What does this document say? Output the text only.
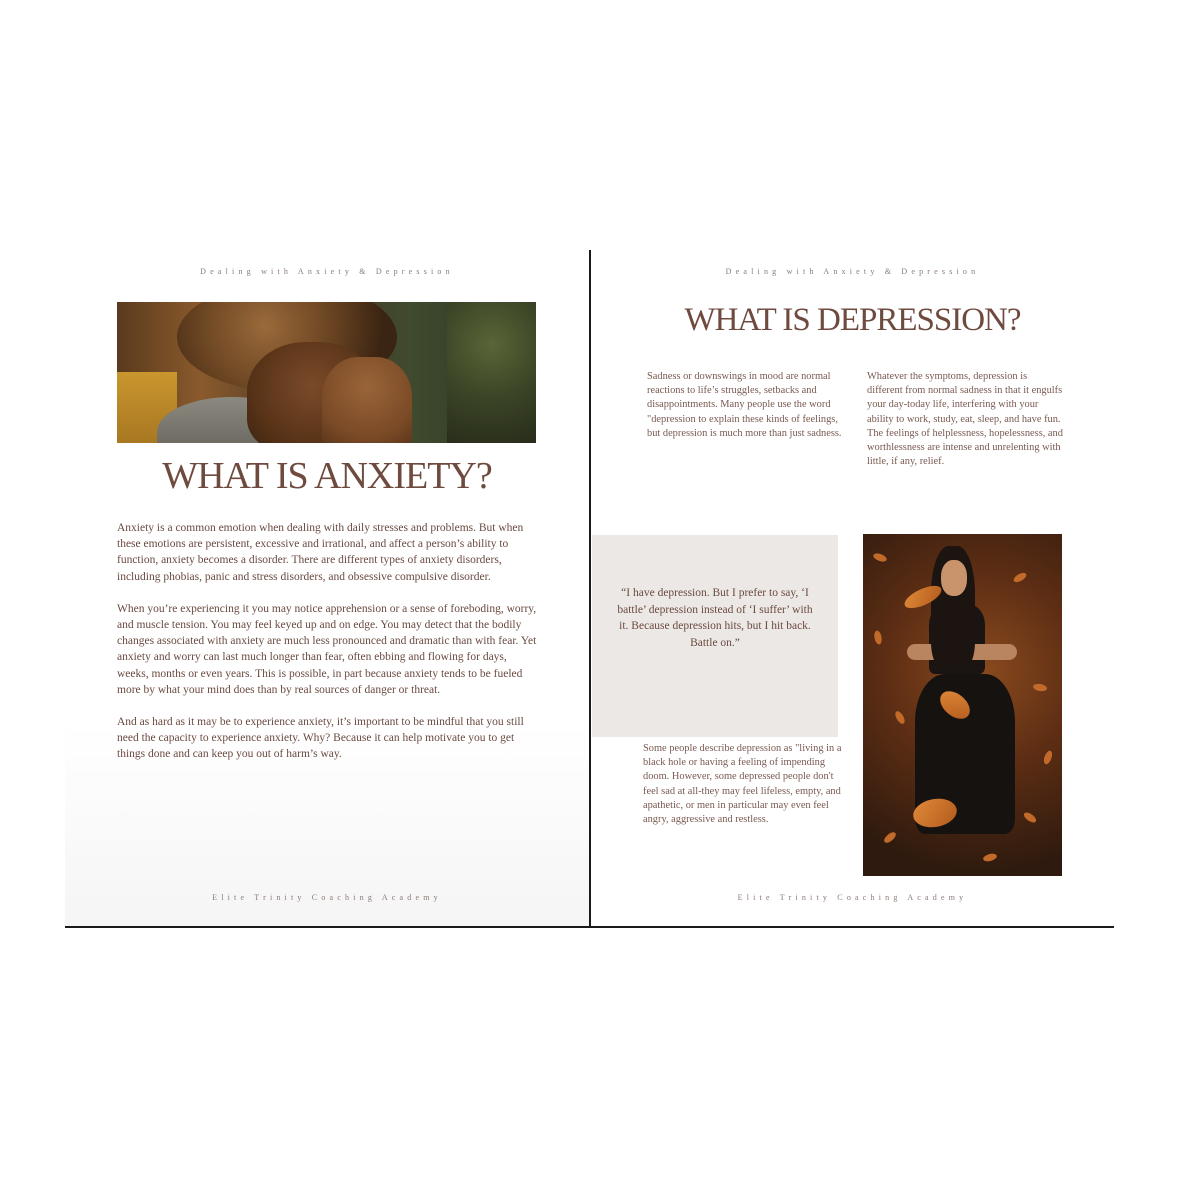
Dealing with Anxiety & Depression
WHAT IS ANXIETY?

Anxiety is a common emotion when dealing with daily stresses and problems. But when these emotions are persistent, excessive and irrational, and affect a person’s ability to function, anxiety becomes a disorder. There are different types of anxiety disorders, including phobias, panic and stress disorders, and obsessive compulsive disorder.

When you’re experiencing it you may notice apprehension or a sense of foreboding, worry, and muscle tension. You may feel keyed up and on edge. You may detect that the bodily changes associated with anxiety are much less pronounced and dramatic than with fear. Yet anxiety and worry can last much longer than fear, often ebbing and flowing for days, weeks, months or even years. This is possible, in part because anxiety tends to be fueled more by what your mind does than by real sources of danger or threat.

And as hard as it may be to experience anxiety, it’s important to be mindful that you still need the capacity to experience anxiety. Why? Because it can help motivate you to get things done and can keep you out of harm’s way.

Elite Trinity Coaching Academy
Dealing with Anxiety & Depression
WHAT IS DEPRESSION?
Sadness or downswings in mood are normal reactions to life’s struggles, setbacks and disappointments. Many people use the word "depression to explain these kinds of feelings, but depression is much more than just sadness.
Whatever the symptoms, depression is different from normal sadness in that it engulfs your day-today life, interfering with your ability to work, study, eat, sleep, and have fun. The feelings of helplessness, hopelessness, and worthlessness are intense and unrelenting with little, if any, relief.
“I have depression. But I prefer to say, ‘I battle’ depression instead of ‘I suffer’ with it. Because depression hits, but I hit back. Battle on.”
Some people describe depression as "living in a black hole or having a feeling of impending doom. However, some depressed people don't feel sad at all-they may feel lifeless, empty, and apathetic, or men in particular may even feel angry, aggressive and restless.
Elite Trinity Coaching Academy
